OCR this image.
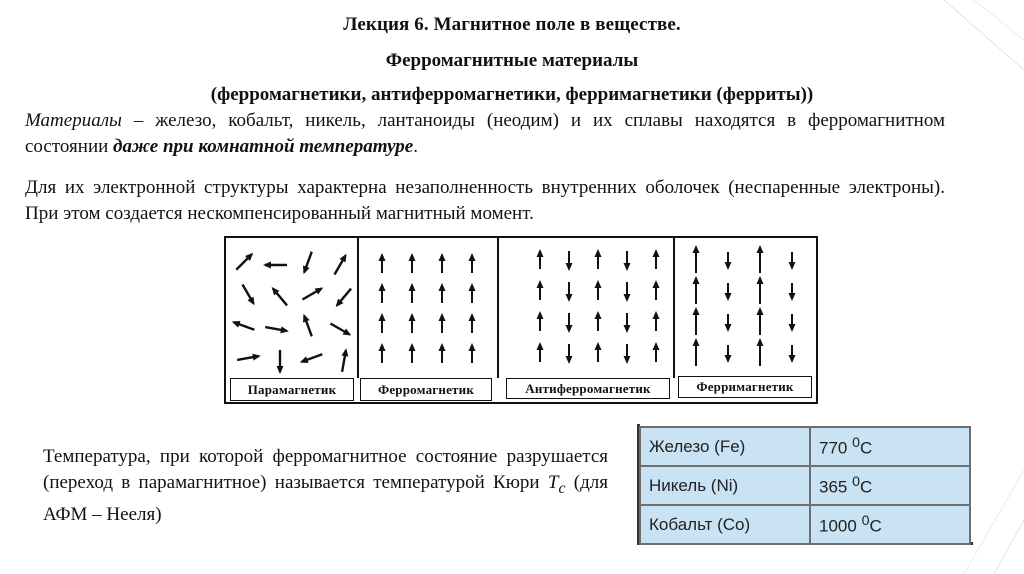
Лекция 6. Магнитное поле в веществе.
Ферромагнитные материалы
(ферромагнетики, антиферромагнетики, ферримагнетики (ферриты))
Материалы – железо, кобальт, никель, лантаноиды (неодим) и их сплавы находятся в ферромагнитном состоянии даже при комнатной температуре.
Для их электронной структуры характерна незаполненность внутренних оболочек (неспаренные электроны). При этом создается нескомпенсированный магнитный момент.
Парамагнетик	Ферромагнетик	Антиферромагнетик	Ферримагнетик
Температура, при которой ферромагнитное состояние разрушается (переход в парамагнитное) называется температурой Кюри $T_c$ (для АФМ – Нееля)
Железо (Fe)	770 $^0$C
Никель (Ni)	365 $^0$C
Кобальт (Co)	1000 $^0$C
